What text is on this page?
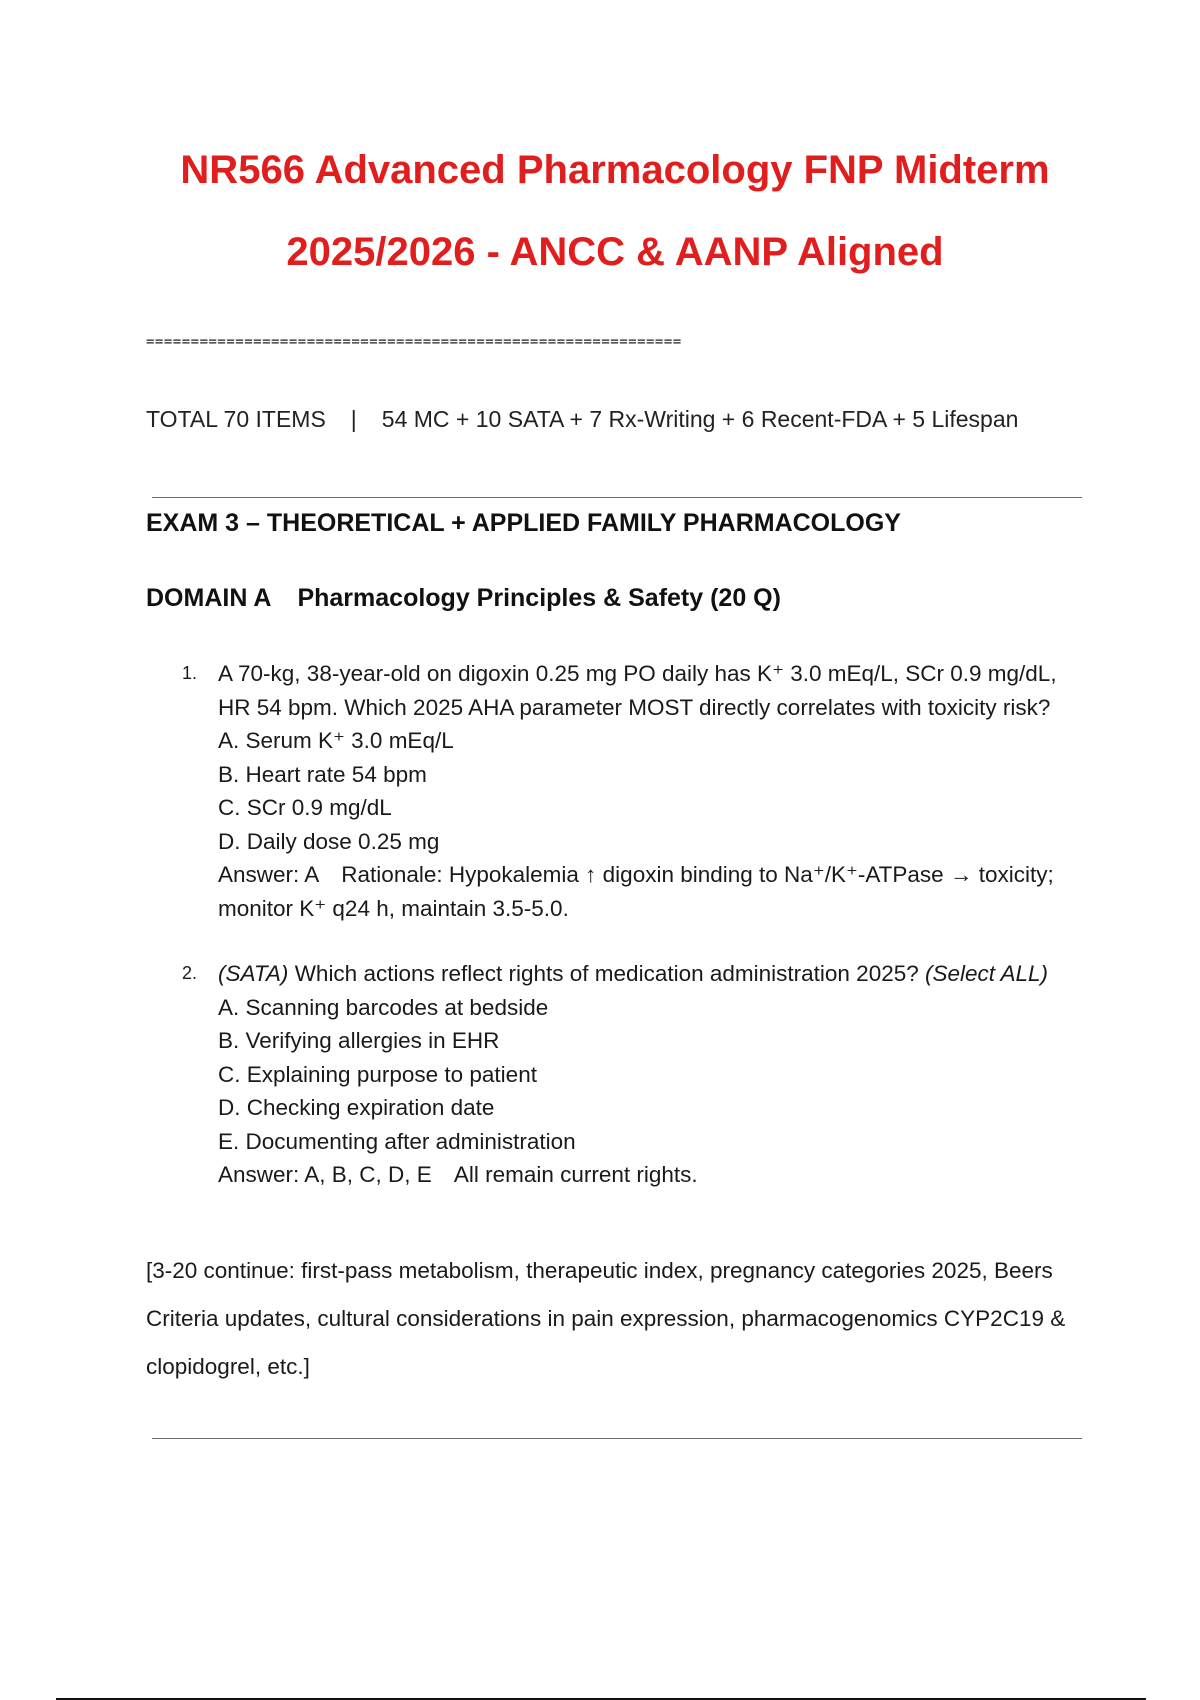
NR566 Advanced Pharmacology FNP Midterm
2025/2026 - ANCC & AANP Aligned
============================================================
TOTAL 70 ITEMS | 54 MC + 10 SATA + 7 Rx-Writing + 6 Recent-FDA + 5 Lifespan
EXAM 3 – THEORETICAL + APPLIED FAMILY PHARMACOLOGY
DOMAIN A Pharmacology Principles & Safety (20 Q)
1. A 70-kg, 38-year-old on digoxin 0.25 mg PO daily has K⁺ 3.0 mEq/L, SCr 0.9 mg/dL, HR 54 bpm. Which 2025 AHA parameter MOST directly correlates with toxicity risk?
A. Serum K⁺ 3.0 mEq/L
B. Heart rate 54 bpm
C. SCr 0.9 mg/dL
D. Daily dose 0.25 mg
Answer: A Rationale: Hypokalemia ↑ digoxin binding to Na⁺/K⁺-ATPase → toxicity; monitor K⁺ q24 h, maintain 3.5-5.0.
2. (SATA) Which actions reflect rights of medication administration 2025? (Select ALL)
A. Scanning barcodes at bedside
B. Verifying allergies in EHR
C. Explaining purpose to patient
D. Checking expiration date
E. Documenting after administration
Answer: A, B, C, D, E All remain current rights.
[3-20 continue: first-pass metabolism, therapeutic index, pregnancy categories 2025, Beers Criteria updates, cultural considerations in pain expression, pharmacogenomics CYP2C19 & clopidogrel, etc.]
